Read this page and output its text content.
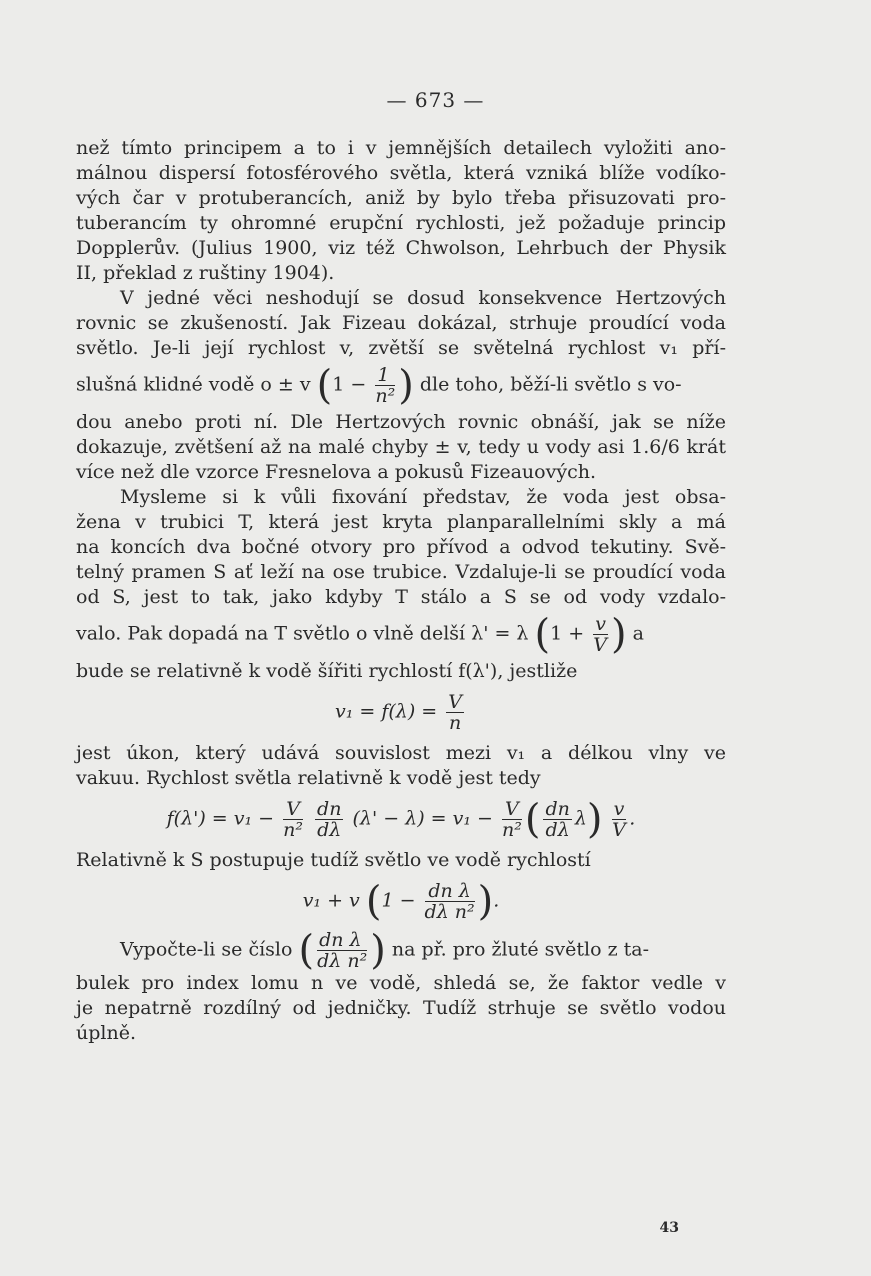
— 673 —
než tímto principem a to i v jemnějších detailech vyložiti ano-
málnou dispersí fotosférového světla, která vzniká blíže vodíko-
vých čar v protuberancích, aniž by bylo třeba přisuzovati pro-
tuberancím ty ohromné erupční rychlosti, jež požaduje princip
Dopplerův. (Julius 1900, viz též Chwolson, Lehrbuch der Physik
II, překlad z ruštiny 1904).
V jedné věci neshodují se dosud konsekvence Hertzových
rovnic se zkušeností. Jak Fizeau dokázal, strhuje proudící voda
světlo. Je-li její rychlost v, zvětší se světelná rychlost v₁ pří-
slušná klidné vodě o ± v ($1 - \frac{1}{\text{n²}}$ ) dle toho, běží-li světlo s vo-
dou anebo proti ní. Dle Hertzových rovnic obnáší, jak se níže
dokazuje, zvětšení až na malé chyby ± v, tedy u vody asi 1.6/6 krát
více než dle vzorce Fresnelova a pokusů Fizeauových.
Mysleme si k vůli fixování představ, že voda jest obsa-
žena v trubici T, která jest kryta planparallelními skly a má
na koncích dva bočné otvory pro přívod a odvod tekutiny. Svě-
telný pramen S ať leží na ose trubice. Vzdaluje-li se proudící voda
od S, jest to tak, jako kdyby T stálo a S se od vody vzdalo-
valo. Pak dopadá na T světlo o vlně delší λ' = λ ($1 + \frac{v}{V}$ ) a
bude se relativně k vodě šířiti rychlostí f(λ'), jestliže
$v_1 = f(\lambda) = \frac{V}{n}$
jest úkon, který udává souvislost mezi v₁ a délkou vlny ve
vakuu. Rychlost světla relativně k vodě jest tedy
$f(\lambda') = v_1 - \frac{V}{\text{n²}}$
$\frac{dn}{d\lambda} (\lambda' - \lambda) = v_1 - \frac{V}{\text{n²}}$ ( $\frac{dn}{d\lambda} \lambda) \frac{v}{V}$ .
Relativně k S postupuje tudíž světlo ve vodě rychlostí
v₁ + v ($1 - \frac{\text{dn λ}}{\text{dλ n²}}$ ).
Vypočte-li se číslo ( $\frac{\text{dn λ}}{\text{dλ n²}}$ ) na př. pro žluté světlo z ta-
bulek pro index lomu n ve vodě, shledá se, že faktor vedle v
je nepatrně rozdílný od jedničky. Tudíž strhuje se světlo vodou
úplně.
43
